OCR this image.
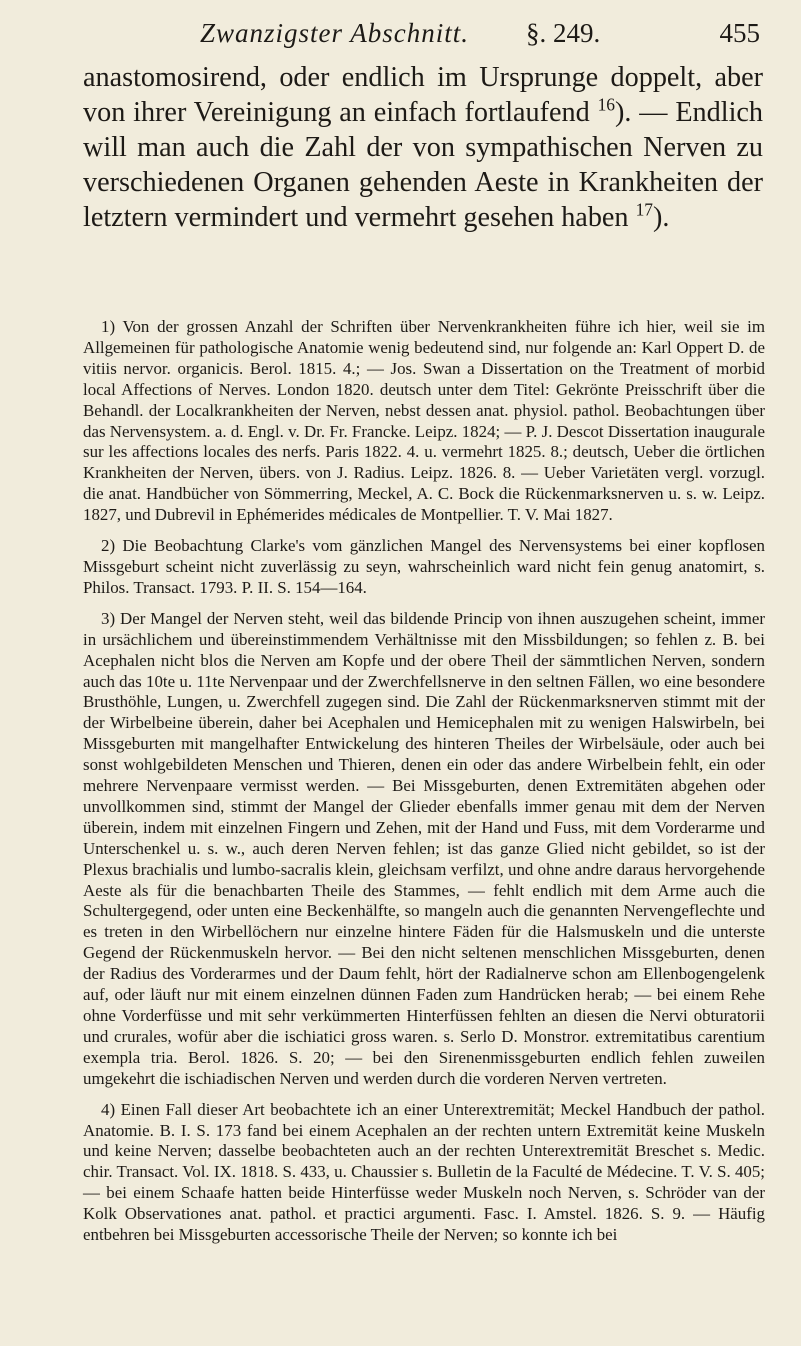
Zwanzigster Abschnitt. §. 249.	455

anastomosirend, oder endlich im Ursprunge doppelt, aber von ihrer Vereinigung an einfach fortlaufend $^{16}$). — Endlich will man auch die Zahl der von sympathischen Nerven zu verschiedenen Organen gehenden Aeste in Krankheiten der letztern vermindert und vermehrt gesehen haben $^{17}$).

1) Von der grossen Anzahl der Schriften über Nervenkrankheiten führe ich hier, weil sie im Allgemeinen für pathologische Anatomie wenig bedeutend sind, nur folgende an: Karl Oppert D. de vitiis nervor. organicis. Berol. 1815. 4.; — Jos. Swan a Dissertation on the Treatment of morbid local Affections of Nerves. London 1820. deutsch unter dem Titel: Gekrönte Preisschrift über die Behandl. der Localkrankheiten der Nerven, nebst dessen anat. physiol. pathol. Beobachtungen über das Nervensystem. a. d. Engl. v. Dr. Fr. Francke. Leipz. 1824; — P. J. Descot Dissertation inaugurale sur les affections locales des nerfs. Paris 1822. 4. u. vermehrt 1825. 8.; deutsch, Ueber die örtlichen Krankheiten der Nerven, übers. von J. Radius. Leipz. 1826. 8. — Ueber Varietäten vergl. vorzugl. die anat. Handbücher von Sömmerring, Meckel, A. C. Bock die Rückenmarksnerven u. s. w. Leipz. 1827, und Dubrevil in Ephémerides médicales de Montpellier. T. V. Mai 1827.

2) Die Beobachtung Clarke's vom gänzlichen Mangel des Nervensystems bei einer kopflosen Missgeburt scheint nicht zuverlässig zu seyn, wahrscheinlich ward nicht fein genug anatomirt, s. Philos. Transact. 1793. P. II. S. 154—164.

3) Der Mangel der Nerven steht, weil das bildende Princip von ihnen auszugehen scheint, immer in ursächlichem und übereinstimmendem Verhältnisse mit den Missbildungen; so fehlen z. B. bei Acephalen nicht blos die Nerven am Kopfe und der obere Theil der sämmtlichen Nerven, sondern auch das 10te u. 11te Nervenpaar und der Zwerchfellsnerve in den seltnen Fällen, wo eine besondere Brusthöhle, Lungen, u. Zwerchfell zugegen sind. Die Zahl der Rückenmarksnerven stimmt mit der der Wirbelbeine überein, daher bei Acephalen und Hemicephalen mit zu wenigen Halswirbeln, bei Missgeburten mit mangelhafter Entwickelung des hinteren Theiles der Wirbelsäule, oder auch bei sonst wohlgebildeten Menschen und Thieren, denen ein oder das andere Wirbelbein fehlt, ein oder mehrere Nervenpaare vermisst werden. — Bei Missgeburten, denen Extremitäten abgehen oder unvollkommen sind, stimmt der Mangel der Glieder ebenfalls immer genau mit dem der Nerven überein, indem mit einzelnen Fingern und Zehen, mit der Hand und Fuss, mit dem Vorderarme und Unterschenkel u. s. w., auch deren Nerven fehlen; ist das ganze Glied nicht gebildet, so ist der Plexus brachialis und lumbo-sacralis klein, gleichsam verfilzt, und ohne andre daraus hervorgehende Aeste als für die benachbarten Theile des Stammes, — fehlt endlich mit dem Arme auch die Schultergegend, oder unten eine Beckenhälfte, so mangeln auch die genannten Nervengeflechte und es treten in den Wirbellöchern nur einzelne hintere Fäden für die Halsmuskeln und die unterste Gegend der Rückenmuskeln hervor. — Bei den nicht seltenen menschlichen Missgeburten, denen der Radius des Vorderarmes und der Daum fehlt, hört der Radialnerve schon am Ellenbogengelenk auf, oder läuft nur mit einem einzelnen dünnen Faden zum Handrücken herab; — bei einem Rehe ohne Vorderfüsse und mit sehr verkümmerten Hinterfüssen fehlten an diesen die Nervi obturatorii und crurales, wofür aber die ischiatici gross waren. s. Serlo D. Monstror. extremitatibus carentium exempla tria. Berol. 1826. S. 20; — bei den Sirenenmissgeburten endlich fehlen zuweilen umgekehrt die ischiadischen Nerven und werden durch die vorderen Nerven vertreten.

4) Einen Fall dieser Art beobachtete ich an einer Unterextremität; Meckel Handbuch der pathol. Anatomie. B. I. S. 173 fand bei einem Acephalen an der rechten untern Extremität keine Muskeln und keine Nerven; dasselbe beobachteten auch an der rechten Unterextremität Breschet s. Medic. chir. Transact. Vol. IX. 1818. S. 433, u. Chaussier s. Bulletin de la Faculté de Médecine. T. V. S. 405; — bei einem Schaafe hatten beide Hinterfüsse weder Muskeln noch Nerven, s. Schröder van der Kolk Observationes anat. pathol. et practici argumenti. Fasc. I. Amstel. 1826. S. 9. — Häufig entbehren bei Missgeburten accessorische Theile der Nerven; so konnte ich bei
